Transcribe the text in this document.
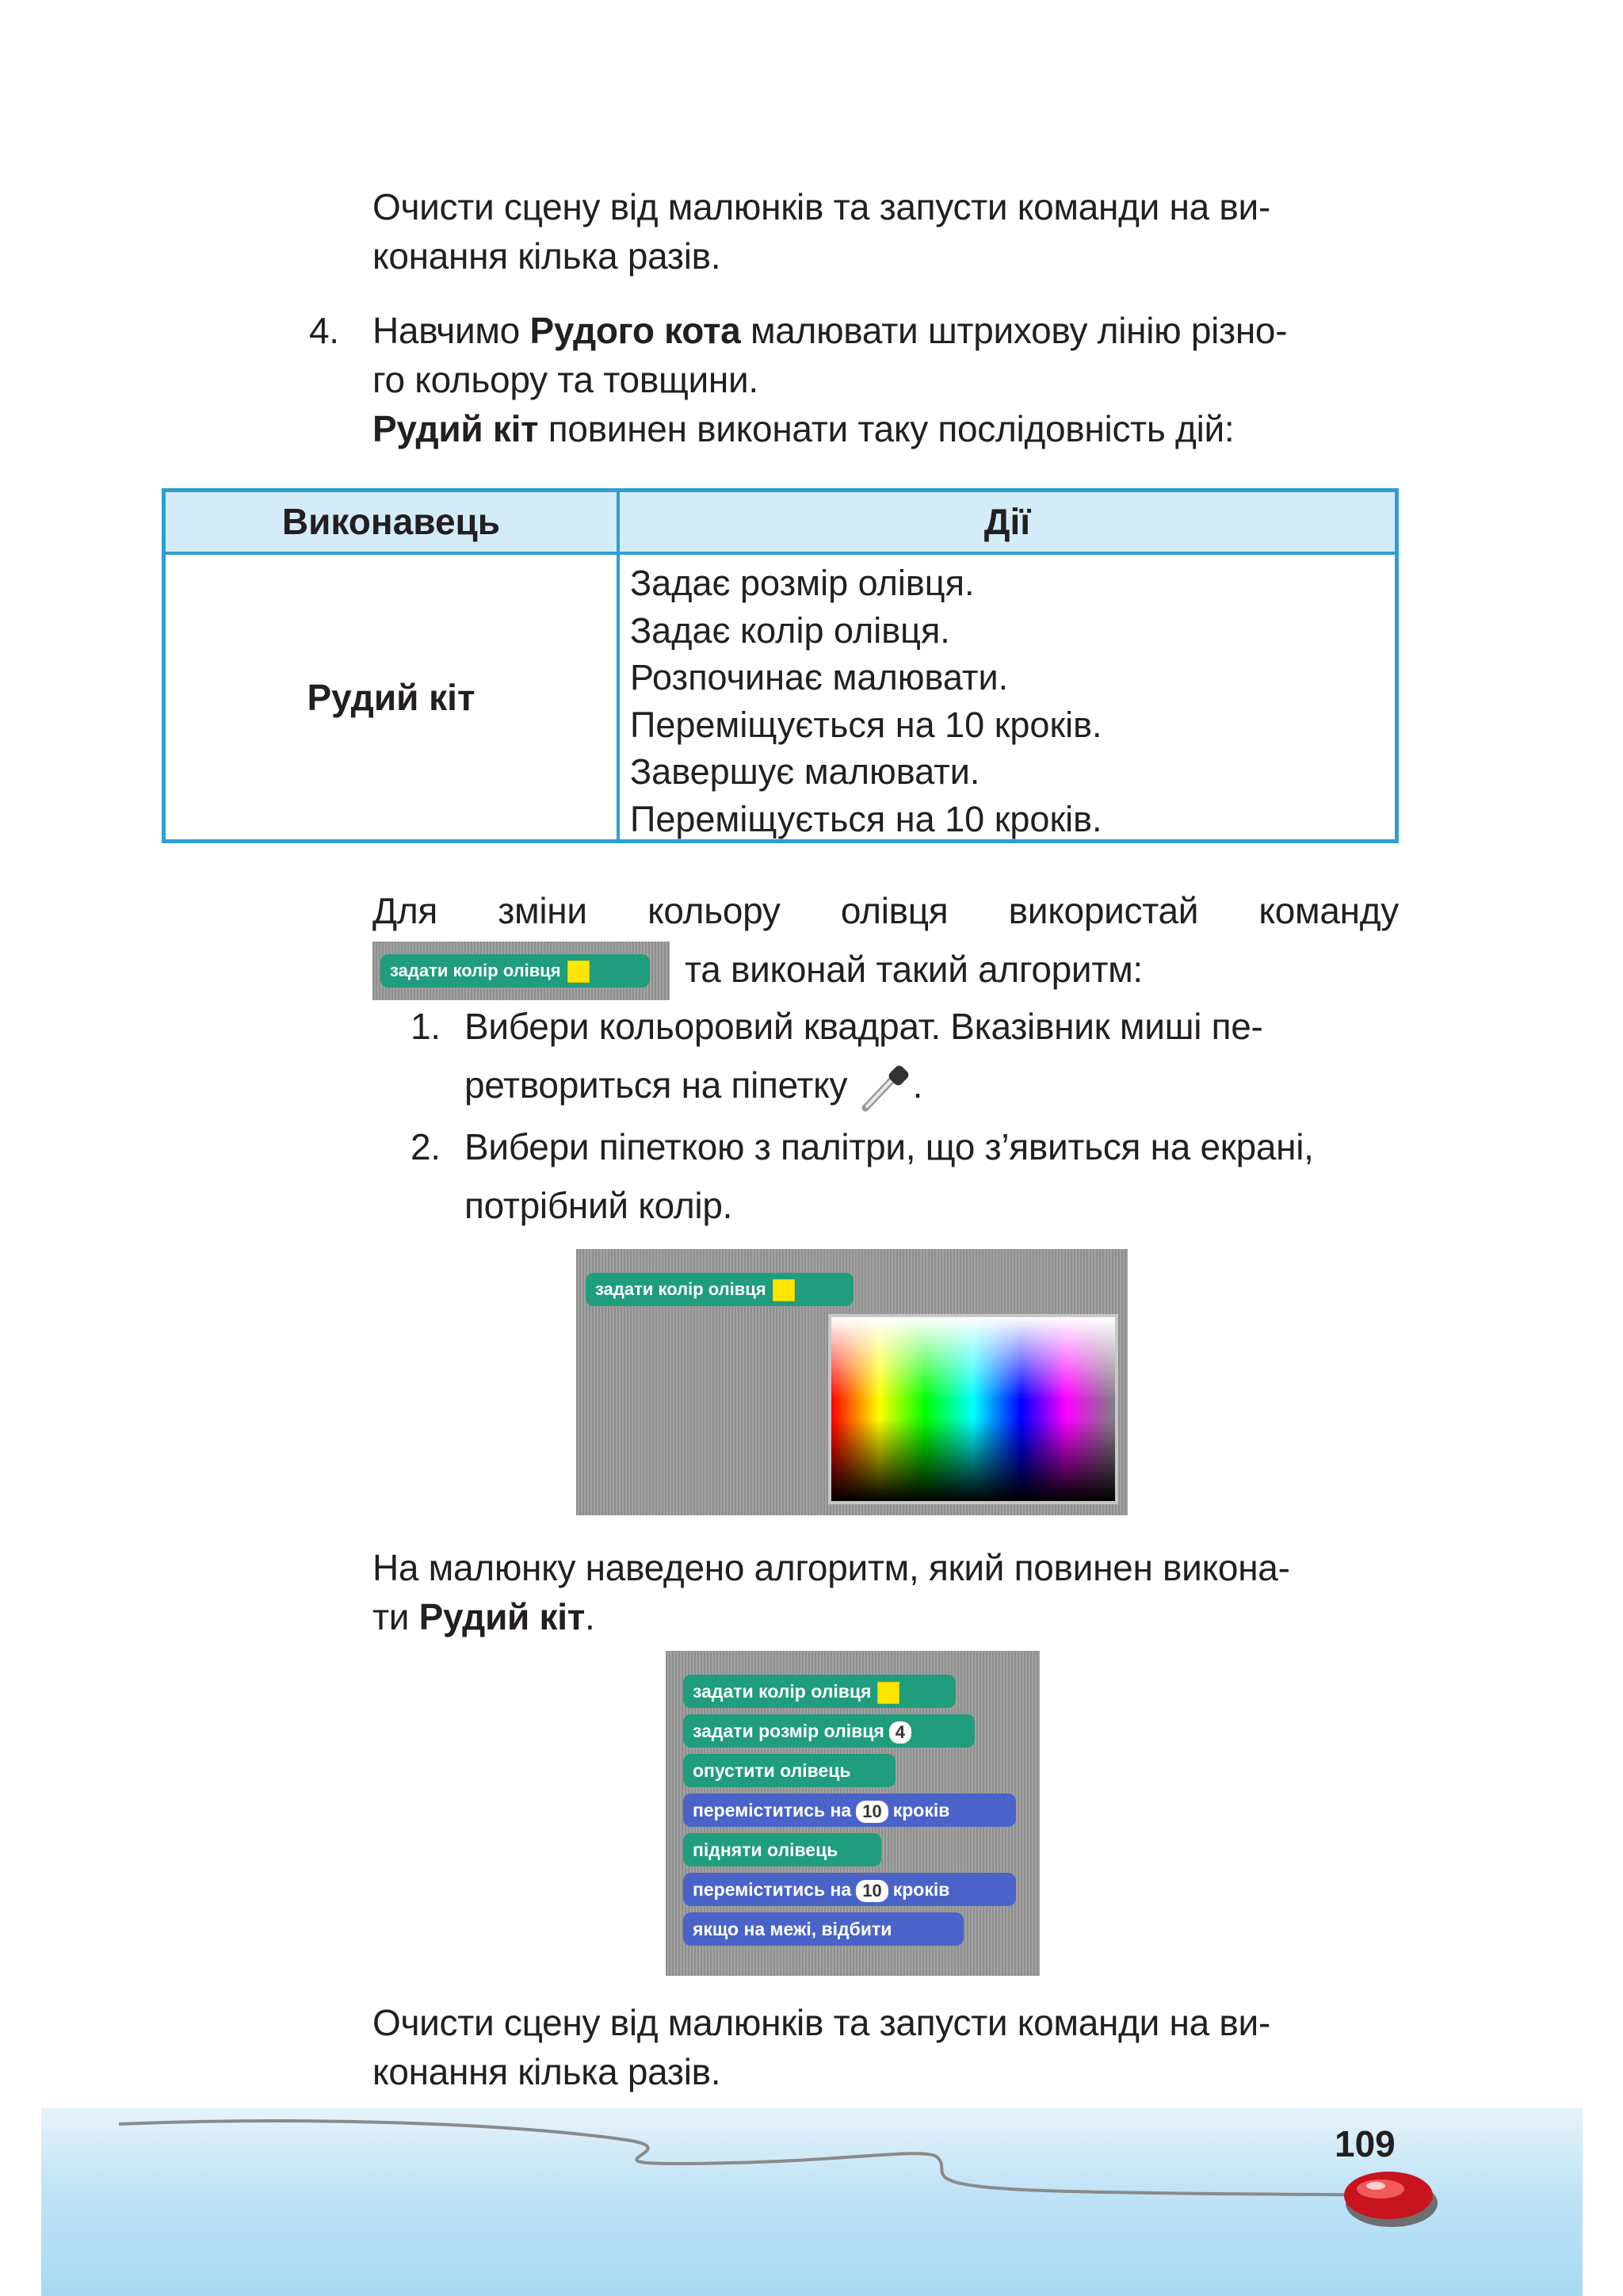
Очисти сцену від малюнків та запусти команди на ви-
конання кілька разів.
4. Навчимо Рудого кота малювати штрихову лінію різно-
го кольору та товщини.
Рудий кіт повинен виконати таку послідовність дій:
Виконавець	Дії
Рудий кіт
Задає розмір олівця.
Задає колір олівця.
Розпочинає малювати.
Переміщується на 10 кроків.
Завершує малювати.
Переміщується на 10 кроків.
Для зміни кольору олівця використай команду
задати колір олівця	та виконай такий алгоритм:
1. Вибери кольоровий квадрат. Вказівник миші пе-
ретвориться на піпетку .
2. Вибери піпеткою з палітри, що з’явиться на екрані,
потрібний колір.
задати колір олівця
На малюнку наведено алгоритм, який повинен викона-
ти Рудий кіт.
задати колір олівця
задати розмір олівця 4
опустити олівець
переміститись на 10 кроків
підняти олівець
переміститись на 10 кроків
якщо на межі, відбити
Очисти сцену від малюнків та запусти команди на ви-
конання кілька разів.
109
